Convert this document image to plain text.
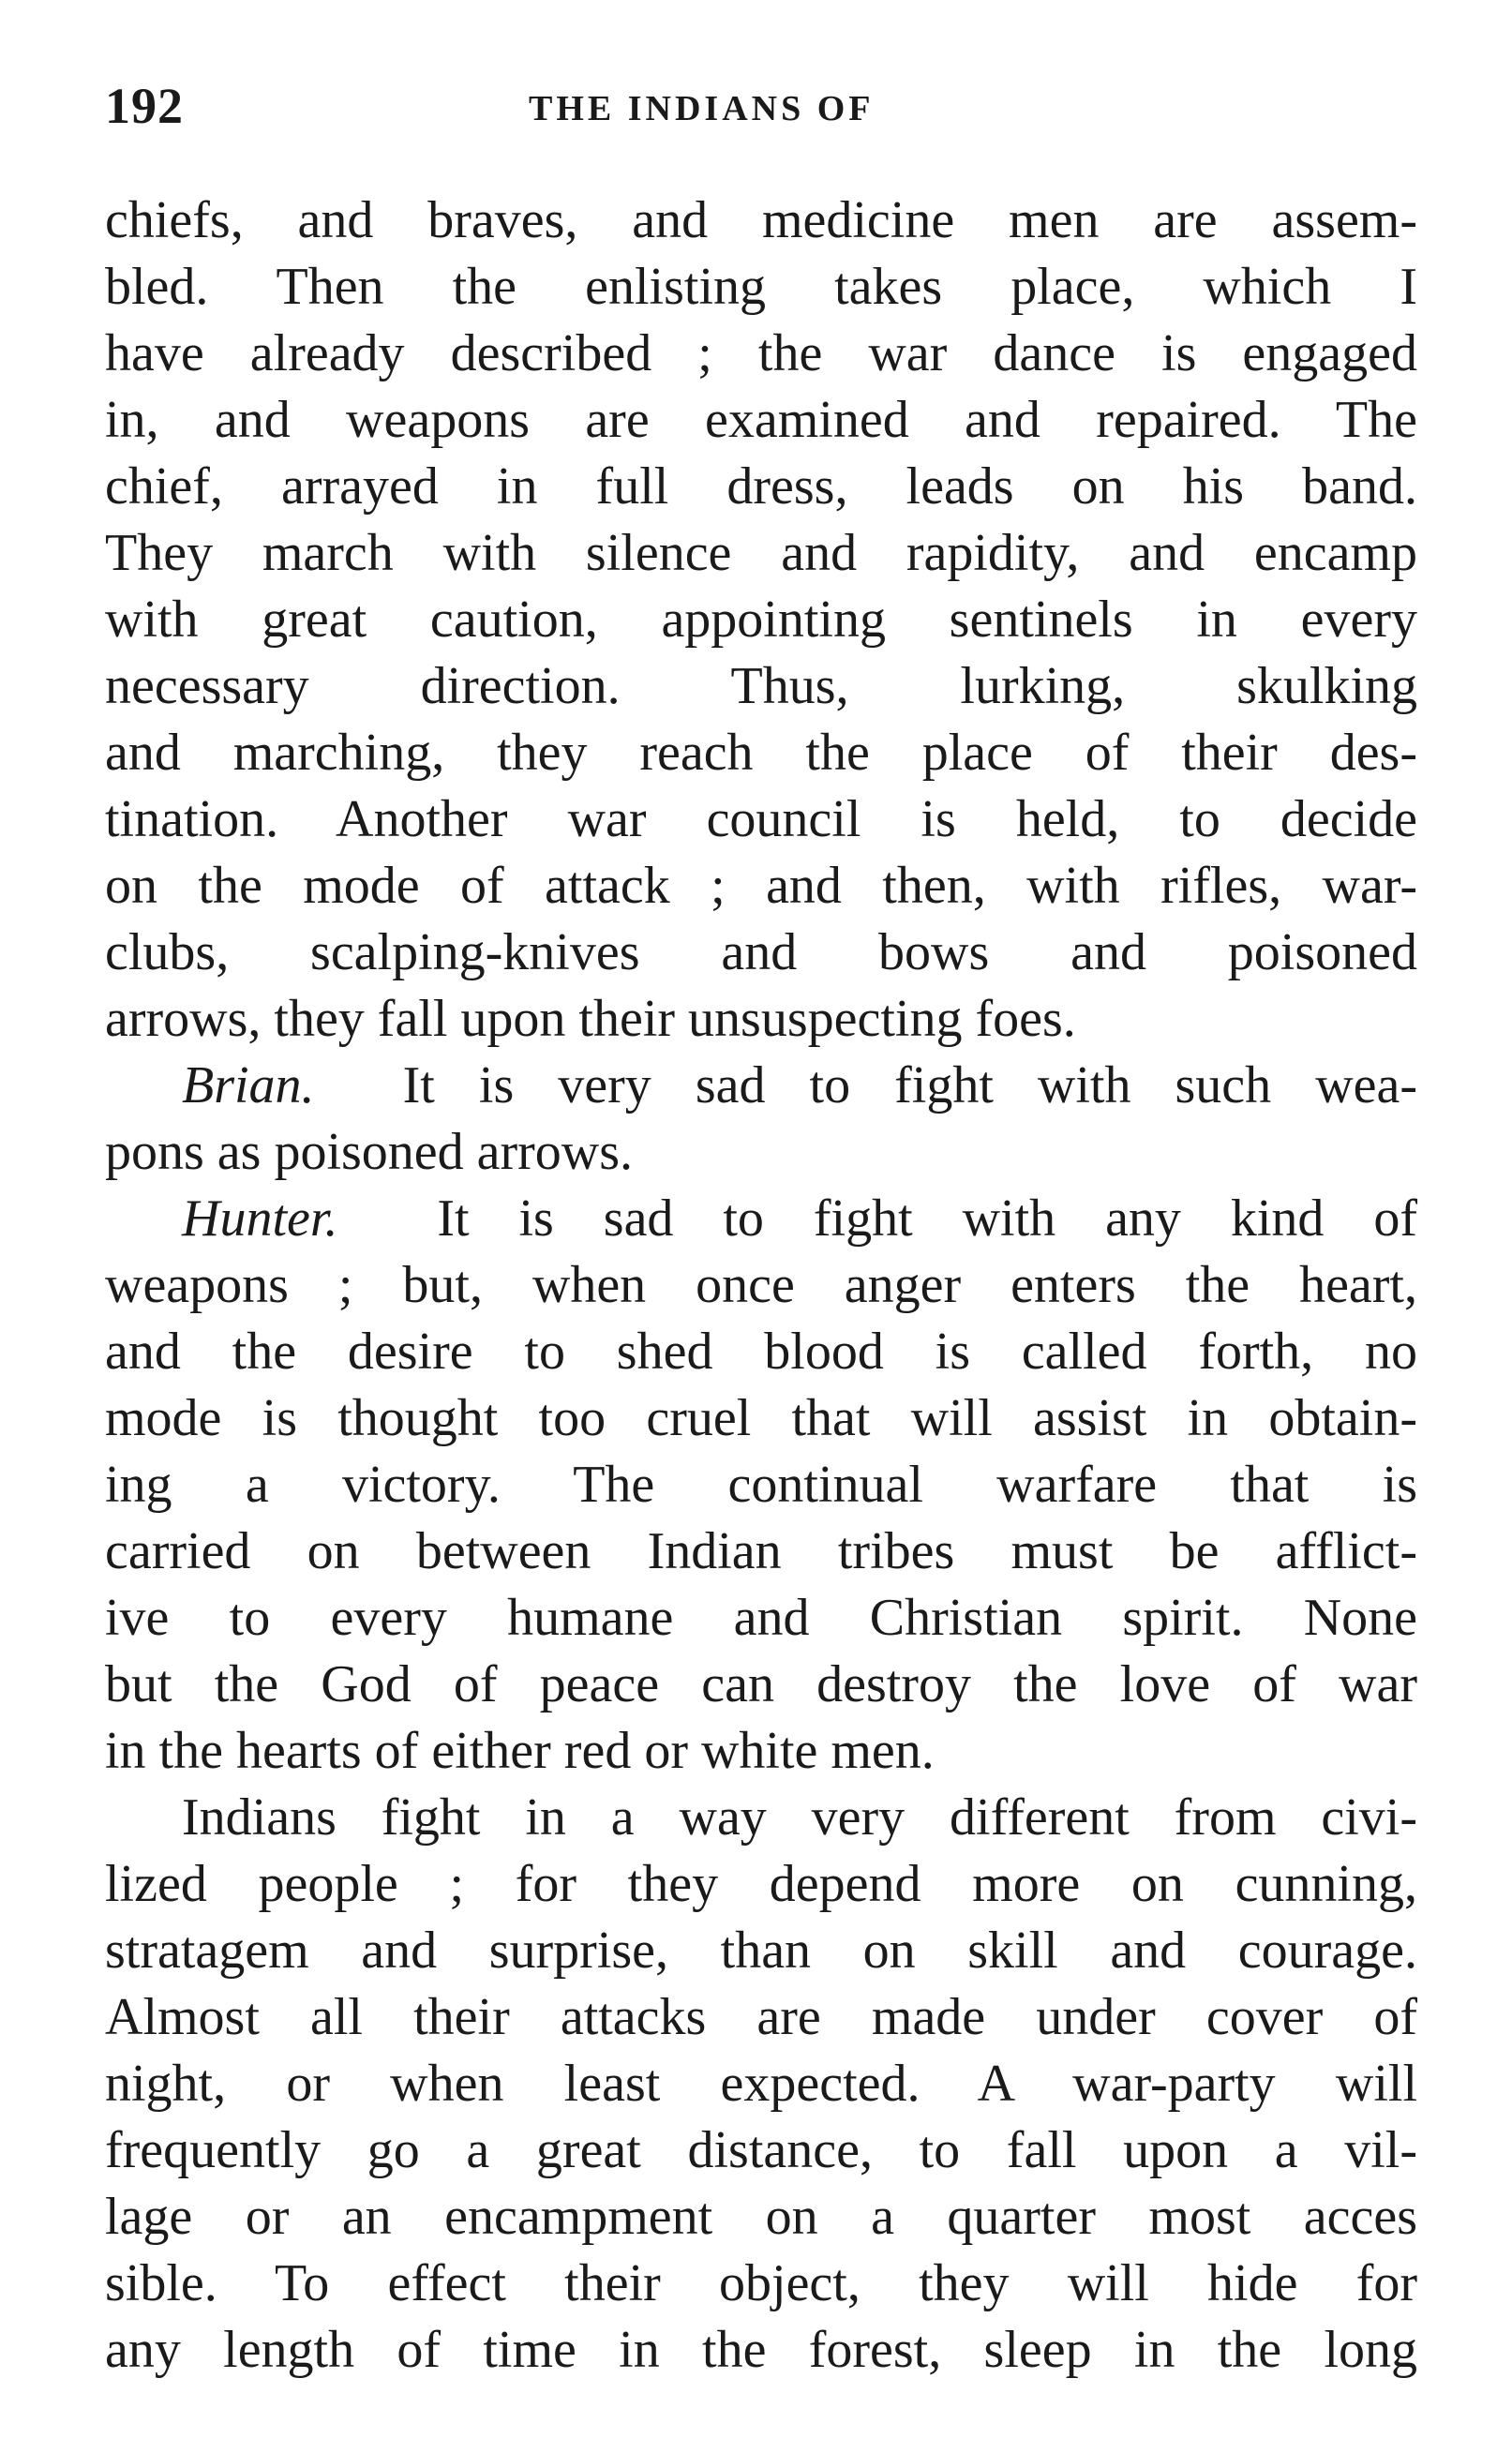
192	THE INDIANS OF
chiefs, and braves, and medicine men are assem-
bled. Then the enlisting takes place, which I
have already described ; the war dance is engaged
in, and weapons are examined and repaired. The
chief, arrayed in full dress, leads on his band.
They march with silence and rapidity, and encamp
with great caution, appointing sentinels in every
necessary direction. Thus, lurking, skulking
and marching, they reach the place of their des-
tination. Another war council is held, to decide
on the mode of attack ; and then, with rifles, war-
clubs, scalping-knives and bows and poisoned
arrows, they fall upon their unsuspecting foes.
Brian. It is very sad to fight with such wea-
pons as poisoned arrows.
Hunter. It is sad to fight with any kind of
weapons ; but, when once anger enters the heart,
and the desire to shed blood is called forth, no
mode is thought too cruel that will assist in obtain-
ing a victory. The continual warfare that is
carried on between Indian tribes must be afflict-
ive to every humane and Christian spirit. None
but the God of peace can destroy the love of war
in the hearts of either red or white men.
Indians fight in a way very different from civi-
lized people ; for they depend more on cunning,
stratagem and surprise, than on skill and courage.
Almost all their attacks are made under cover of
night, or when least expected. A war-party will
frequently go a great distance, to fall upon a vil-
lage or an encampment on a quarter most acces
sible. To effect their object, they will hide for
any length of time in the forest, sleep in the long
